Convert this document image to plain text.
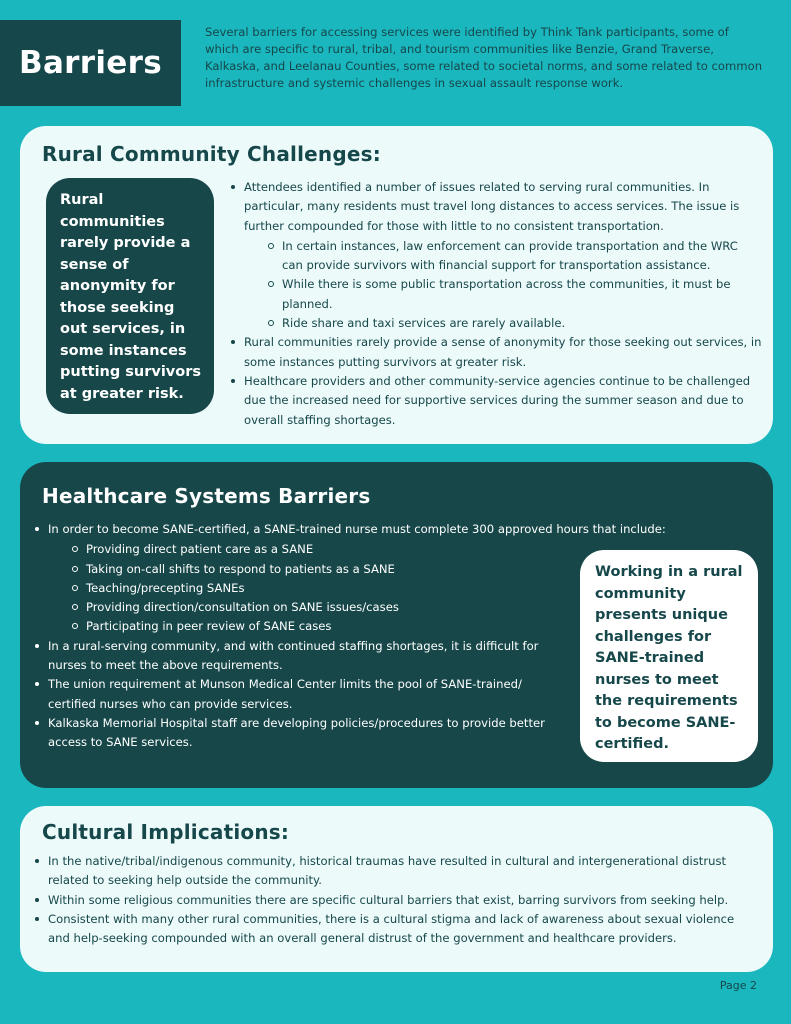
Barriers

Several barriers for accessing services were identified by Think Tank participants, some of which are specific to rural, tribal, and tourism communities like Benzie, Grand Traverse, Kalkaska, and Leelanau Counties, some related to societal norms, and some related to common infrastructure and systemic challenges in sexual assault response work.

Rural Community Challenges:
Rural communities rarely provide a sense of anonymity for those seeking out services, in some instances putting survivors at greater risk.
Attendees identified a number of issues related to serving rural communities. In particular, many residents must travel long distances to access services. The issue is further compounded for those with little to no consistent transportation.
In certain instances, law enforcement can provide transportation and the WRC can provide survivors with financial support for transportation assistance.
While there is some public transportation across the communities, it must be planned.
Ride share and taxi services are rarely available.
Rural communities rarely provide a sense of anonymity for those seeking out services, in some instances putting survivors at greater risk.
Healthcare providers and other community-service agencies continue to be challenged due the increased need for supportive services during the summer season and due to overall staffing shortages.
Healthcare Systems Barriers
In order to become SANE-certified, a SANE-trained nurse must complete 300 approved hours that include:
Providing direct patient care as a SANE
Taking on-call shifts to respond to patients as a SANE
Teaching/precepting SANEs
Providing direction/consultation on SANE issues/cases
Participating in peer review of SANE cases
In a rural-serving community, and with continued staffing shortages, it is difficult for nurses to meet the above requirements.
The union requirement at Munson Medical Center limits the pool of SANE-trained/ certified nurses who can provide services.
Kalkaska Memorial Hospital staff are developing policies/procedures to provide better access to SANE services.
Working in a rural community presents unique challenges for SANE-trained nurses to meet the requirements to become SANE-certified.
Cultural Implications:
In the native/tribal/indigenous community, historical traumas have resulted in cultural and intergenerational distrust related to seeking help outside the community.
Within some religious communities there are specific cultural barriers that exist, barring survivors from seeking help.
Consistent with many other rural communities, there is a cultural stigma and lack of awareness about sexual violence and help-seeking compounded with an overall general distrust of the government and healthcare providers.
Page 2
